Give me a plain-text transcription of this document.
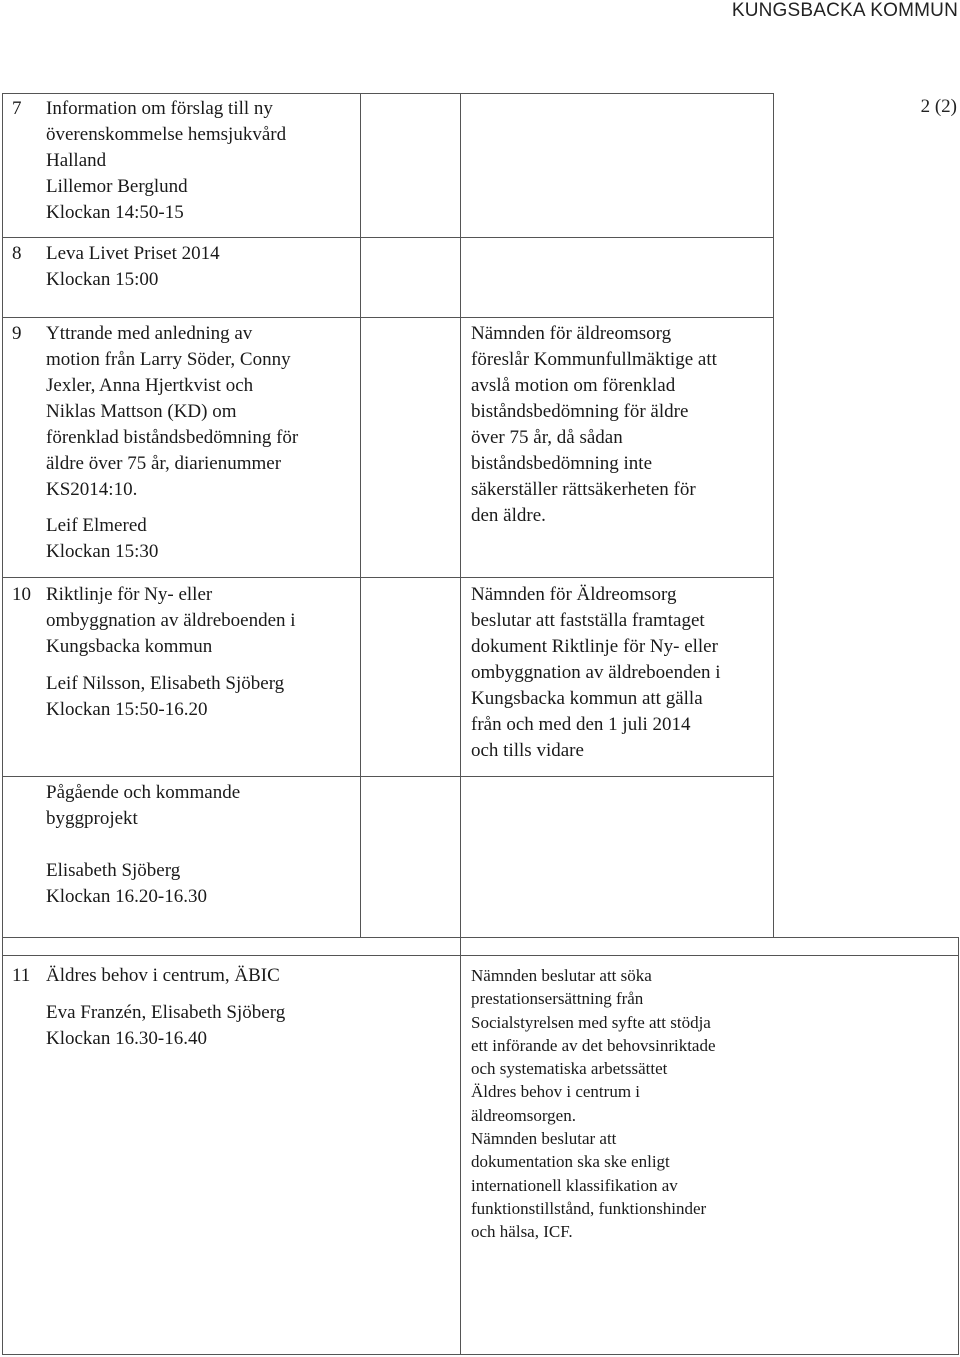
KUNGSBACKA KOMMUN
2 (2)
7 Information om förslag till ny
överenskommelse hemsjukvård
Halland
Lillemor Berglund
Klockan 14:50-15
8 Leva Livet Priset 2014
Klockan 15:00
9 Yttrande med anledning av
motion från Larry Söder, Conny
Jexler, Anna Hjertkvist och
Niklas Mattson (KD) om
förenklad biståndsbedömning för
äldre över 75 år, diarienummer
KS2014:10.
Leif Elmered
Klockan 15:30
Nämnden för äldreomsorg
föreslår Kommunfullmäktige att
avslå motion om förenklad
biståndsbedömning för äldre
över 75 år, då sådan
biståndsbedömning inte
säkerställer rättsäkerheten för
den äldre.
10 Riktlinje för Ny- eller
ombyggnation av äldreboenden i
Kungsbacka kommun
Leif Nilsson, Elisabeth Sjöberg
Klockan 15:50-16.20
Nämnden för Äldreomsorg
beslutar att fastställa framtaget
dokument Riktlinje för Ny- eller
ombyggnation av äldreboenden i
Kungsbacka kommun att gälla
från och med den 1 juli 2014
och tills vidare
Pågående och kommande
byggprojekt
Elisabeth Sjöberg
Klockan 16.20-16.30
11 Äldres behov i centrum, ÄBIC
Eva Franzén, Elisabeth Sjöberg
Klockan 16.30-16.40
Nämnden beslutar att söka
prestationsersättning från
Socialstyrelsen med syfte att stödja
ett införande av det behovsinriktade
och systematiska arbetssättet
Äldres behov i centrum i
äldreomsorgen.
Nämnden beslutar att
dokumentation ska ske enligt
internationell klassifikation av
funktionstillstånd, funktionshinder
och hälsa, ICF.
